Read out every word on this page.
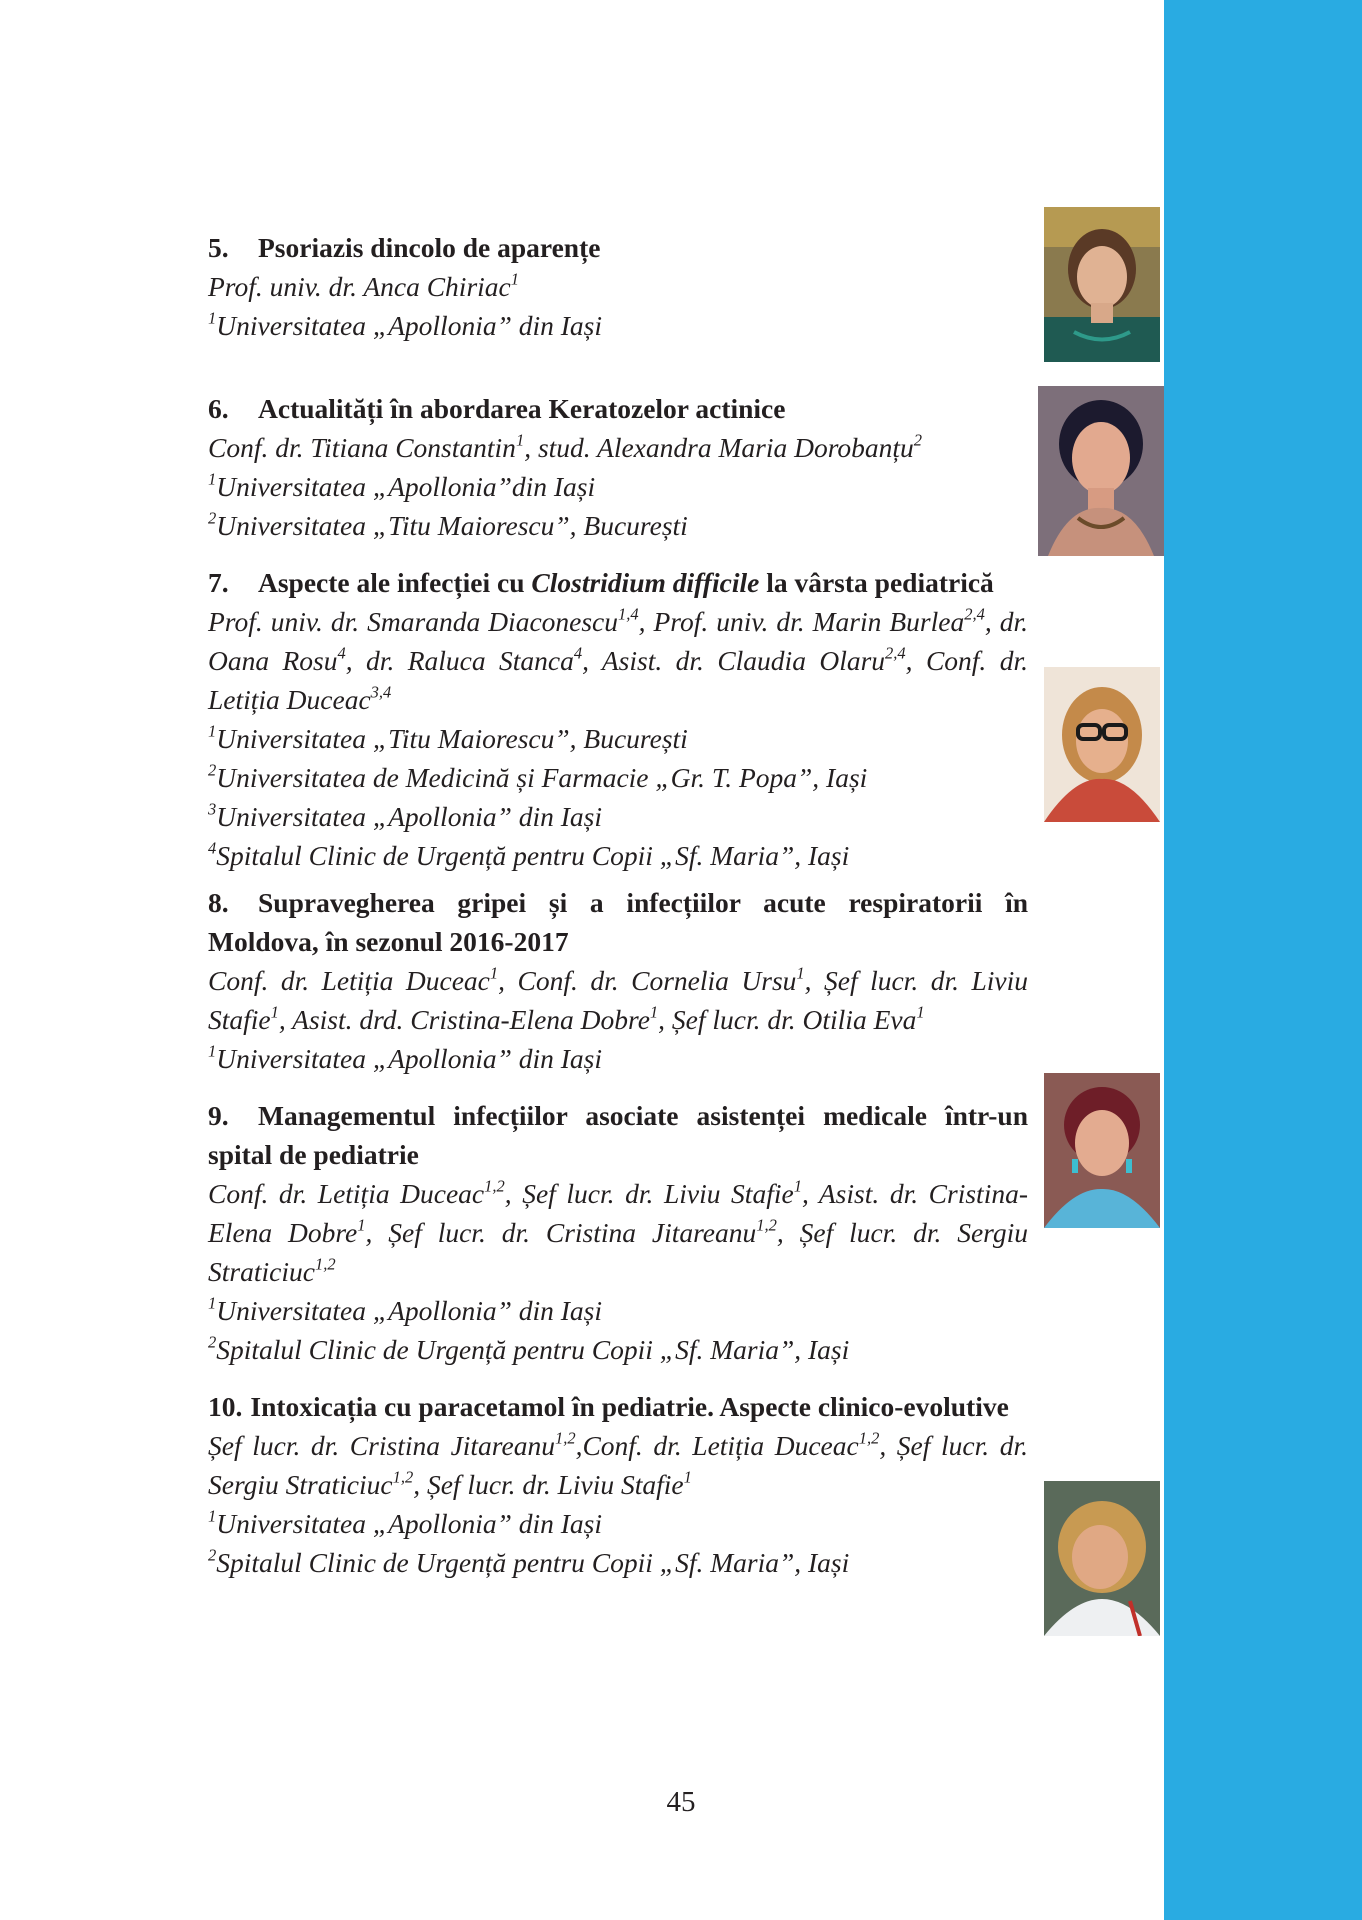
5. Psoriazis dincolo de aparențe
Prof. univ. dr. Anca Chiriac$^1$
$^1$Universitatea „Apollonia” din Iași
6. Actualități în abordarea Keratozelor actinice
Conf. dr. Titiana Constantin$^1$, stud. Alexandra Maria Dorobanțu$^2$
$^1$Universitatea „Apollonia”din Iași
$^2$Universitatea „Titu Maiorescu”, București
7. Aspecte ale infecției cu Clostridium difficile la vârsta pediatrică
Prof. univ. dr. Smaranda Diaconescu$^{1,4}$, Prof. univ. dr. Marin Burlea$^{2,4}$, dr. Oana Rosu$^4$, dr. Raluca Stanca$^4$, Asist. dr. Claudia Olaru$^{2,4}$, Conf. dr. Letiția Duceac$^{3,4}$
$^1$Universitatea „Titu Maiorescu”, București
$^2$Universitatea de Medicină și Farmacie „Gr. T. Popa”, Iași
$^3$Universitatea „Apollonia” din Iași
$^4$Spitalul Clinic de Urgență pentru Copii „Sf. Maria”, Iași
8. Supravegherea gripei și a infecțiilor acute respiratorii în Moldova, în sezonul 2016-2017
Conf. dr. Letiția Duceac$^1$, Conf. dr. Cornelia Ursu$^1$, Șef lucr. dr. Liviu Stafie$^1$, Asist. drd. Cristina-Elena Dobre$^1$, Șef lucr. dr. Otilia Eva$^1$
$^1$Universitatea „Apollonia” din Iași
9. Managementul infecțiilor asociate asistenței medicale într-un spital de pediatrie
Conf. dr. Letiția Duceac$^{1,2}$, Șef lucr. dr. Liviu Stafie$^1$, Asist. dr. Cristina-Elena Dobre$^1$, Șef lucr. dr. Cristina Jitareanu$^{1,2}$, Șef lucr. dr. Sergiu Straticiuc$^{1,2}$
$^1$Universitatea „Apollonia” din Iași
$^2$Spitalul Clinic de Urgență pentru Copii „Sf. Maria”, Iași
10. Intoxicația cu paracetamol în pediatrie. Aspecte clinico-evolutive
Șef lucr. dr. Cristina Jitareanu$^{1,2}$,Conf. dr. Letiția Duceac$^{1,2}$, Șef lucr. dr. Sergiu Straticiuc$^{1,2}$, Șef lucr. dr. Liviu Stafie$^1$
$^1$Universitatea „Apollonia” din Iași
$^2$Spitalul Clinic de Urgență pentru Copii „Sf. Maria”, Iași
45
